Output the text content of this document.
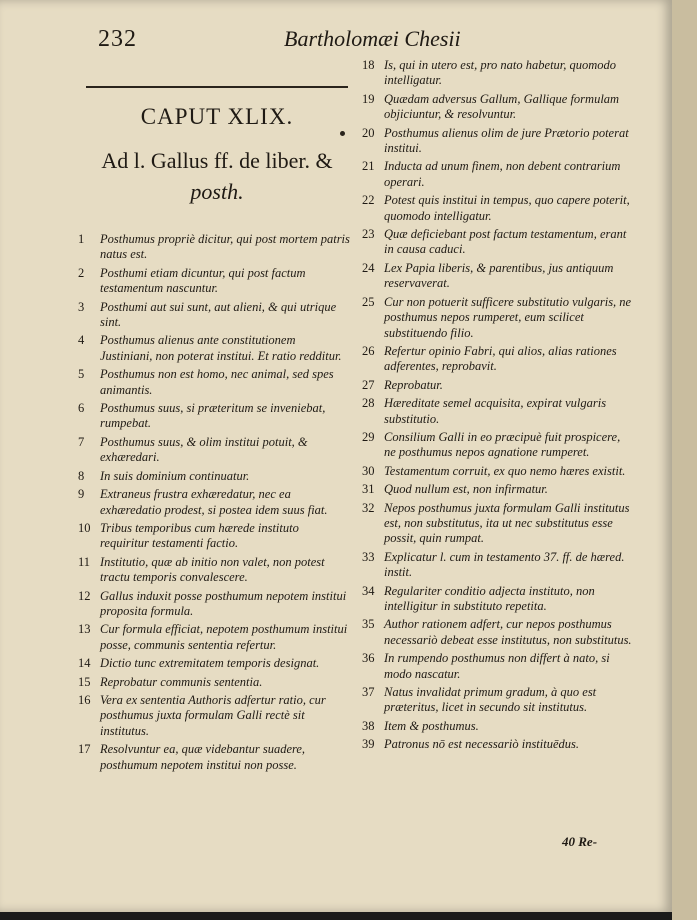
232	Bartholomæi Chesii
CAPUT XLIX.
Ad l. Gallus ff. de liber. &
posth.
1	Posthumus propriè dicitur, qui post mortem patris natus est.
2	Posthumi etiam dicuntur, qui post factum testamentum nascuntur.
3	Posthumi aut sui sunt, aut alieni, & qui utrique sint.
4	Posthumus alienus ante constitutionem Justiniani, non poterat institui. Et ratio redditur.
5	Posthumus non est homo, nec animal, sed spes animantis.
6	Posthumus suus, si præteritum se inveniebat, rumpebat.
7	Posthumus suus, & olim institui potuit, & exhæredari.
8	In suis dominium continuatur.
9	Extraneus frustra exhæredatur, nec ea exhæredatio prodest, si postea idem suus fiat.
10 Tribus temporibus cum hærede instituto requiritur testamenti factio.
11 Institutio, quæ ab initio non valet, non potest tractu temporis convalescere.
12 Gallus induxit posse posthumum nepotem institui proposita formula.
13 Cur formula efficiat, nepotem posthumum institui posse, communis sententia refertur.
14 Dictio tunc extremitatem temporis designat.
15 Reprobatur communis sententia.
16 Vera ex sententia Authoris adfertur ratio, cur posthumus juxta formulam Galli rectè sit institutus.
17 Resolvuntur ea, quæ videbantur suadere, posthumum nepotem institui non posse.
18 Is, qui in utero est, pro nato habetur, quomodo intelligatur.
19 Quædam adversus Gallum, Gallique formulam objiciuntur, & resolvuntur.
20 Posthumus alienus olim de jure Prætorio poterat institui.
21 Inducta ad unum finem, non debent contrarium operari.
22 Potest quis institui in tempus, quo capere poterit, quomodo intelligatur.
23 Quæ deficiebant post factum testamentum, erant in causa caduci.
24 Lex Papia liberis, & parentibus, jus antiquum reservaverat.
25 Cur non potuerit sufficere substitutio vulgaris, ne posthumus nepos rumperet, eum scilicet substituendo filio.
26 Refertur opinio Fabri, qui alios, alias rationes adferentes, reprobavit.
27 Reprobatur.
28 Hæreditate semel acquisita, expirat vulgaris substitutio.
29 Consilium Galli in eo præcipuè fuit prospicere, ne posthumus nepos agnatione rumperet.
30 Testamentum corruit, ex quo nemo hæres existit.
31 Quod nullum est, non infirmatur.
32 Nepos posthumus juxta formulam Galli institutus est, non substitutus, ita ut nec substitutus esse possit, quin rumpat.
33 Explicatur l. cum in testamento 37. ff. de hæred. instit.
34 Regulariter conditio adjecta instituto, non intelligitur in substituto repetita.
35 Author rationem adfert, cur nepos posthumus necessariò debeat esse institutus, non substitutus.
36 In rumpendo posthumus non differt à nato, si modo nascatur.
37 Natus invalidat primum gradum, à quo est præteritus, licet in secundo sit institutus.
38 Item & posthumus.
39 Patronus nō est necessariò instituēdus.
40 Re-
